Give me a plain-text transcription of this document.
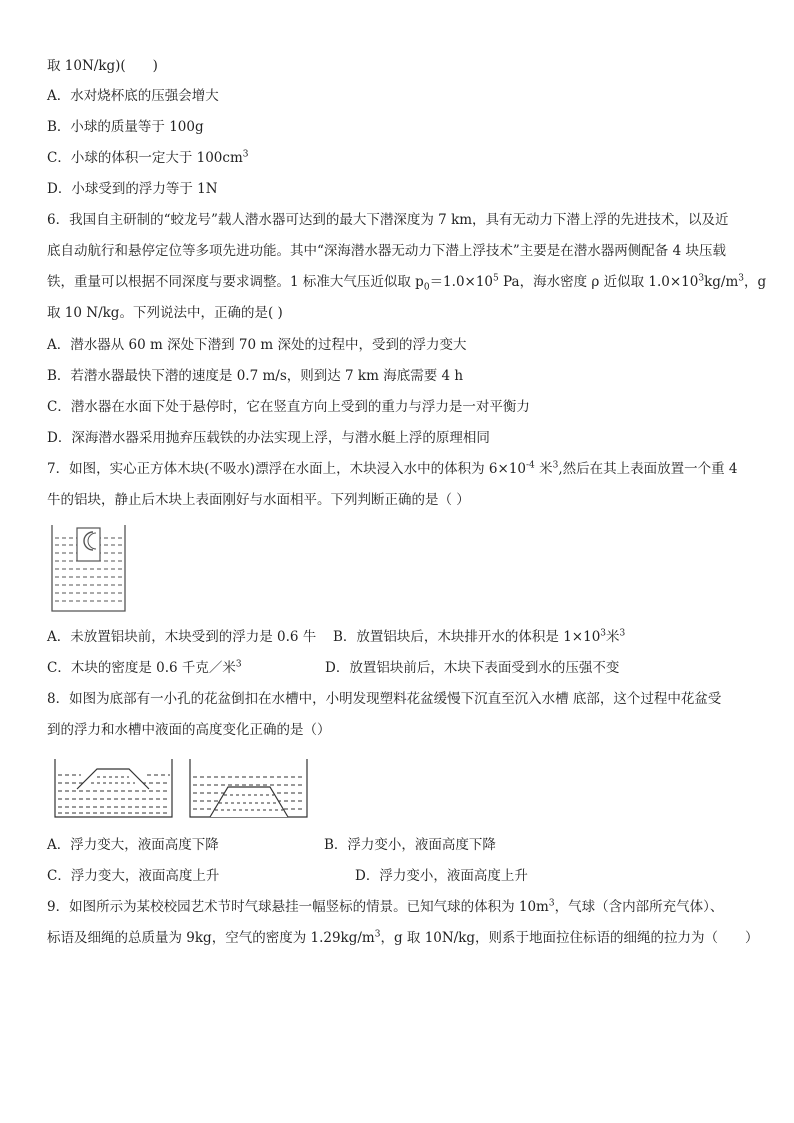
取 10N/kg)(　　)
A．水对烧杯底的压强会增大
B．小球的质量等于 100g
C．小球的体积一定大于 $100cm^3$
D．小球受到的浮力等于 1N
6．我国自主研制的“蛟龙号”载人潜水器可达到的最大下潜深度为 7 km，具有无动力下潜上浮的先进技术，以及近
底自动航行和悬停定位等多项先进功能。其中“深海潜水器无动力下潜上浮技术”主要是在潜水器两侧配备 4 块压载
铁，重量可以根据不同深度与要求调整。1 标准大气压近似取 $p_0=1.0\times 10^5$ Pa，海水密度 ρ 近似取 $1.0\times 10^3kg/m^3$，g
取 10 N/kg。下列说法中，正确的是( )
A．潜水器从 60 m 深处下潜到 70 m 深处的过程中，受到的浮力变大
B．若潜水器最快下潜的速度是 0.7 m/s，则到达 7 km 海底需要 4 h
C．潜水器在水面下处于悬停时，它在竖直方向上受到的重力与浮力是一对平衡力
D．深海潜水器采用抛弃压载铁的办法实现上浮，与潜水艇上浮的原理相同
7．如图，实心正方体木块(不吸水)漂浮在水面上，木块浸入水中的体积为 $6\times 10^{-4}$ 米$^3$,然后在其上表面放置一个重 4
牛的铝块，静止后木块上表面刚好与水面相平。下列判断正确的是（ ）
A．未放置铝块前，木块受到的浮力是 0.6 牛 B．放置铝块后，木块排开水的体积是 $1\times 10^3$米$^3$
C．木块的密度是 0.6 千克／米$^3$	D．放置铝块前后，木块下表面受到水的压强不变
8．如图为底部有一小孔的花盆倒扣在水槽中，小明发现塑料花盆缓慢下沉直至沉入水槽 底部，这个过程中花盆受
到的浮力和水槽中液面的高度变化正确的是（）
A．浮力变大，液面高度下降	B．浮力变小，液面高度下降
C．浮力变大，液面高度上升	D．浮力变小，液面高度上升
9．如图所示为某校校园艺术节时气球悬挂一幅竖标的情景。已知气球的体积为 $10m^3$，气球（含内部所充气体）、
标语及细绳的总质量为 9kg，空气的密度为 $1.29kg/m^3$，g 取 10N/kg，则系于地面拉住标语的细绳的拉力为（　　）
